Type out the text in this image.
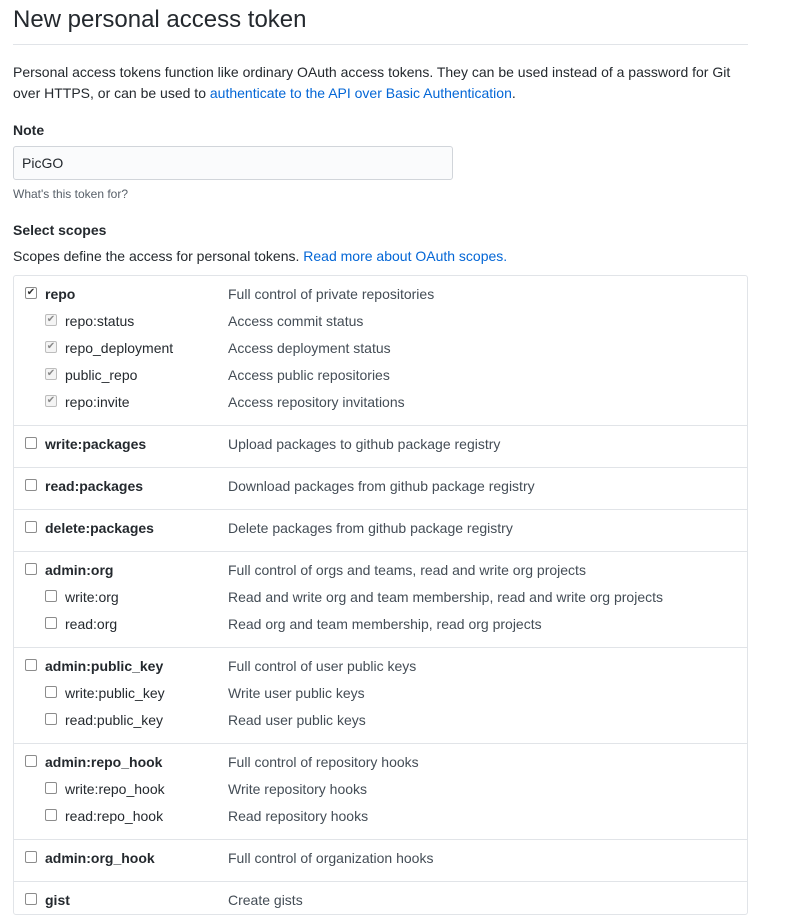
New personal access token

Personal access tokens function like ordinary OAuth access tokens. They can be used instead of a password for Git over HTTPS, or can be used to authenticate to the API over Basic Authentication.

Note
PicGO
What's this token for?
Select scopes
Scopes define the access for personal tokens. Read more about OAuth scopes.
✔ repo	Full control of private repositories
✔ repo:status	Access commit status
✔ repo_deployment	Access deployment status
✔ public_repo	Access public repositories
✔ repo:invite	Access repository invitations
write:packages	Upload packages to github package registry
read:packages	Download packages from github package registry
delete:packages	Delete packages from github package registry
admin:org	Full control of orgs and teams, read and write org projects
write:org	Read and write org and team membership, read and write org projects
read:org	Read org and team membership, read org projects
admin:public_key	Full control of user public keys
write:public_key	Write user public keys
read:public_key	Read user public keys
admin:repo_hook	Full control of repository hooks
write:repo_hook	Write repository hooks
read:repo_hook	Read repository hooks
admin:org_hook	Full control of organization hooks
gist	Create gists
